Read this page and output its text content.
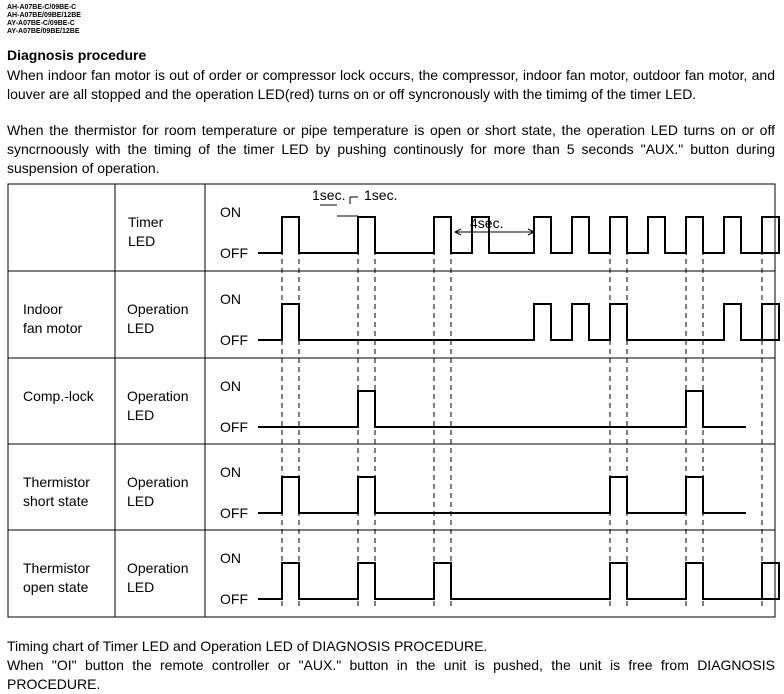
AH-A07BE-C/09BE-C
AH-A07BE/09BE/12BE
AY-A07BE-C/09BE-C
AY-A07BE/09BE/12BE
Diagnosis procedure
When indoor fan motor is out of order or compressor lock occurs, the compressor, indoor fan motor, outdoor fan motor, and louver are all stopped and the operation LED(red) turns on or off syncronously with the timimg of the timer LED.
When the thermistor for room temperature or pipe temperature is open or short state, the operation LED turns on or off syncrnoously with the timing of the timer LED by pushing continously for more than 5 seconds "AUX." button during suspension of operation.
ON
OFF
Timer
LED
ON
OFF
Indoor
fan motor
Operation
LED
ON
OFF
Comp.-lock Operation
LED
ON
OFF
Thermistor
short state
Operation
LED
ON
OFF
Thermistor
open state
Operation
LED
1sec. 1sec.
4sec.
Timing chart of Timer LED and Operation LED of DIAGNOSIS PROCEDURE.
When "OI" button the remote controller or "AUX." button in the unit is pushed, the unit is free from DIAGNOSIS PROCEDURE.
